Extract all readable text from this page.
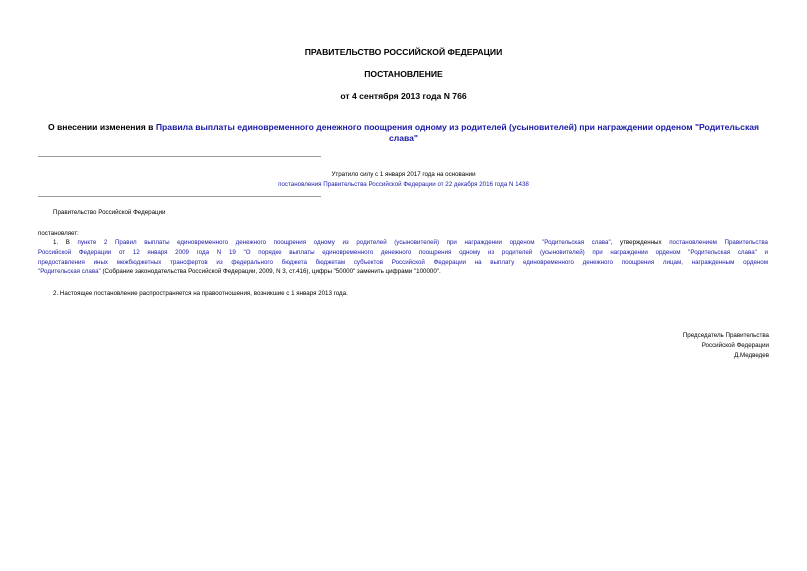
ПРАВИТЕЛЬСТВО РОССИЙСКОЙ ФЕДЕРАЦИИ
ПОСТАНОВЛЕНИЕ
от 4 сентября 2013 года N 766
О внесении изменения в Правила выплаты единовременного денежного поощрения одному из родителей (усыновителей) при награждении орденом "Родительская
слава"
Утратило силу с 1 января 2017 года на основании
постановления Правительства Российской Федерации от 22 декабря 2016 года N 1438
Правительство Российской Федерации
постановляет:
1. В пункте 2 Правил выплаты единовременного денежного поощрения одному из родителей (усыновителей) при награждении орденом "Родительская слава", утвержденных постановлением Правительства
Российской Федерации от 12 января 2009 года N 19 "О порядке выплаты единовременного денежного поощрения одному из родителей (усыновителей) при награждении орденом "Родительская слава" и
предоставления иных межбюджетных трансфертов из федерального бюджета бюджетам субъектов Российской Федерации на выплату единовременного денежного поощрения лицам, награжденным орденом
"Родительская слава" (Собрание законодательства Российской Федерации, 2009, N 3, ст.416), цифры "50000" заменить цифрами "100000".
2. Настоящее постановление распространяется на правоотношения, возникшие с 1 января 2013 года.
Председатель Правительства
Российской Федерации
Д.Медведев
